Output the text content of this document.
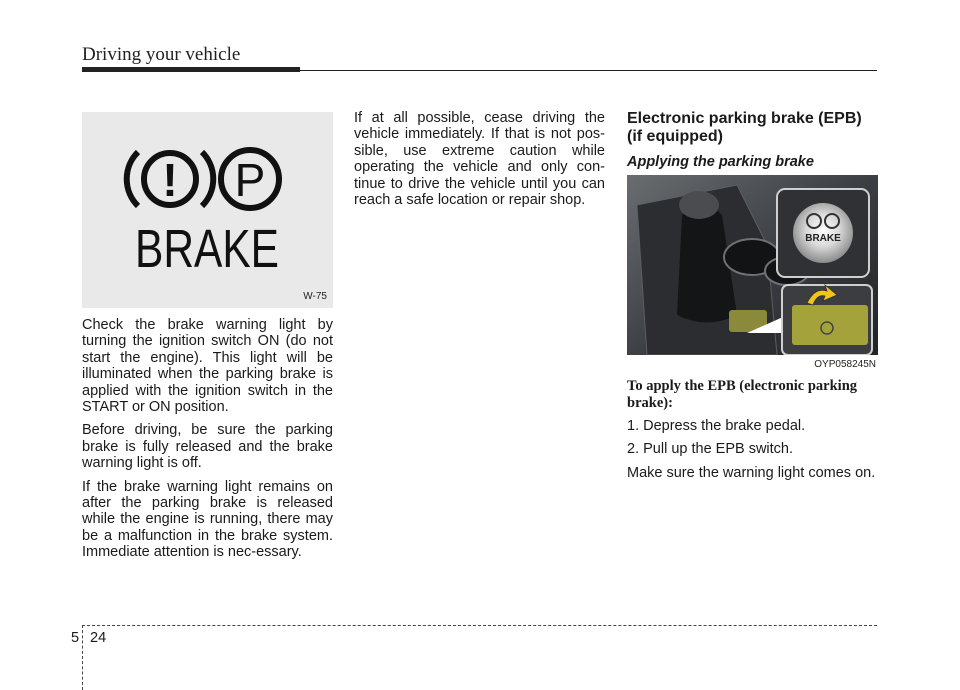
Driving your vehicle
! P
BRAKE
W-75

Check the brake warning light by turning the ignition switch ON (do not start the engine). This light will be illuminated when the parking brake is applied with the ignition switch in the START or ON position.

Before driving, be sure the parking brake is fully released and the brake warning light is off.

If the brake warning light remains on after the parking brake is released while the engine is running, there may be a malfunction in the brake system. Immediate attention is nec-essary.

If at all possible, cease driving the vehicle immediately. If that is not pos-sible, use extreme caution while operating the vehicle and only con-tinue to drive the vehicle until you can reach a safe location or repair shop.

Electronic parking brake (EPB) (if equipped)
Applying the parking brake
BRAKE
OYP058245N

To apply the EPB (electronic parking brake):

1. Depress the brake pedal.

2. Pull up the EPB switch.

Make sure the warning light comes on.

5 24
